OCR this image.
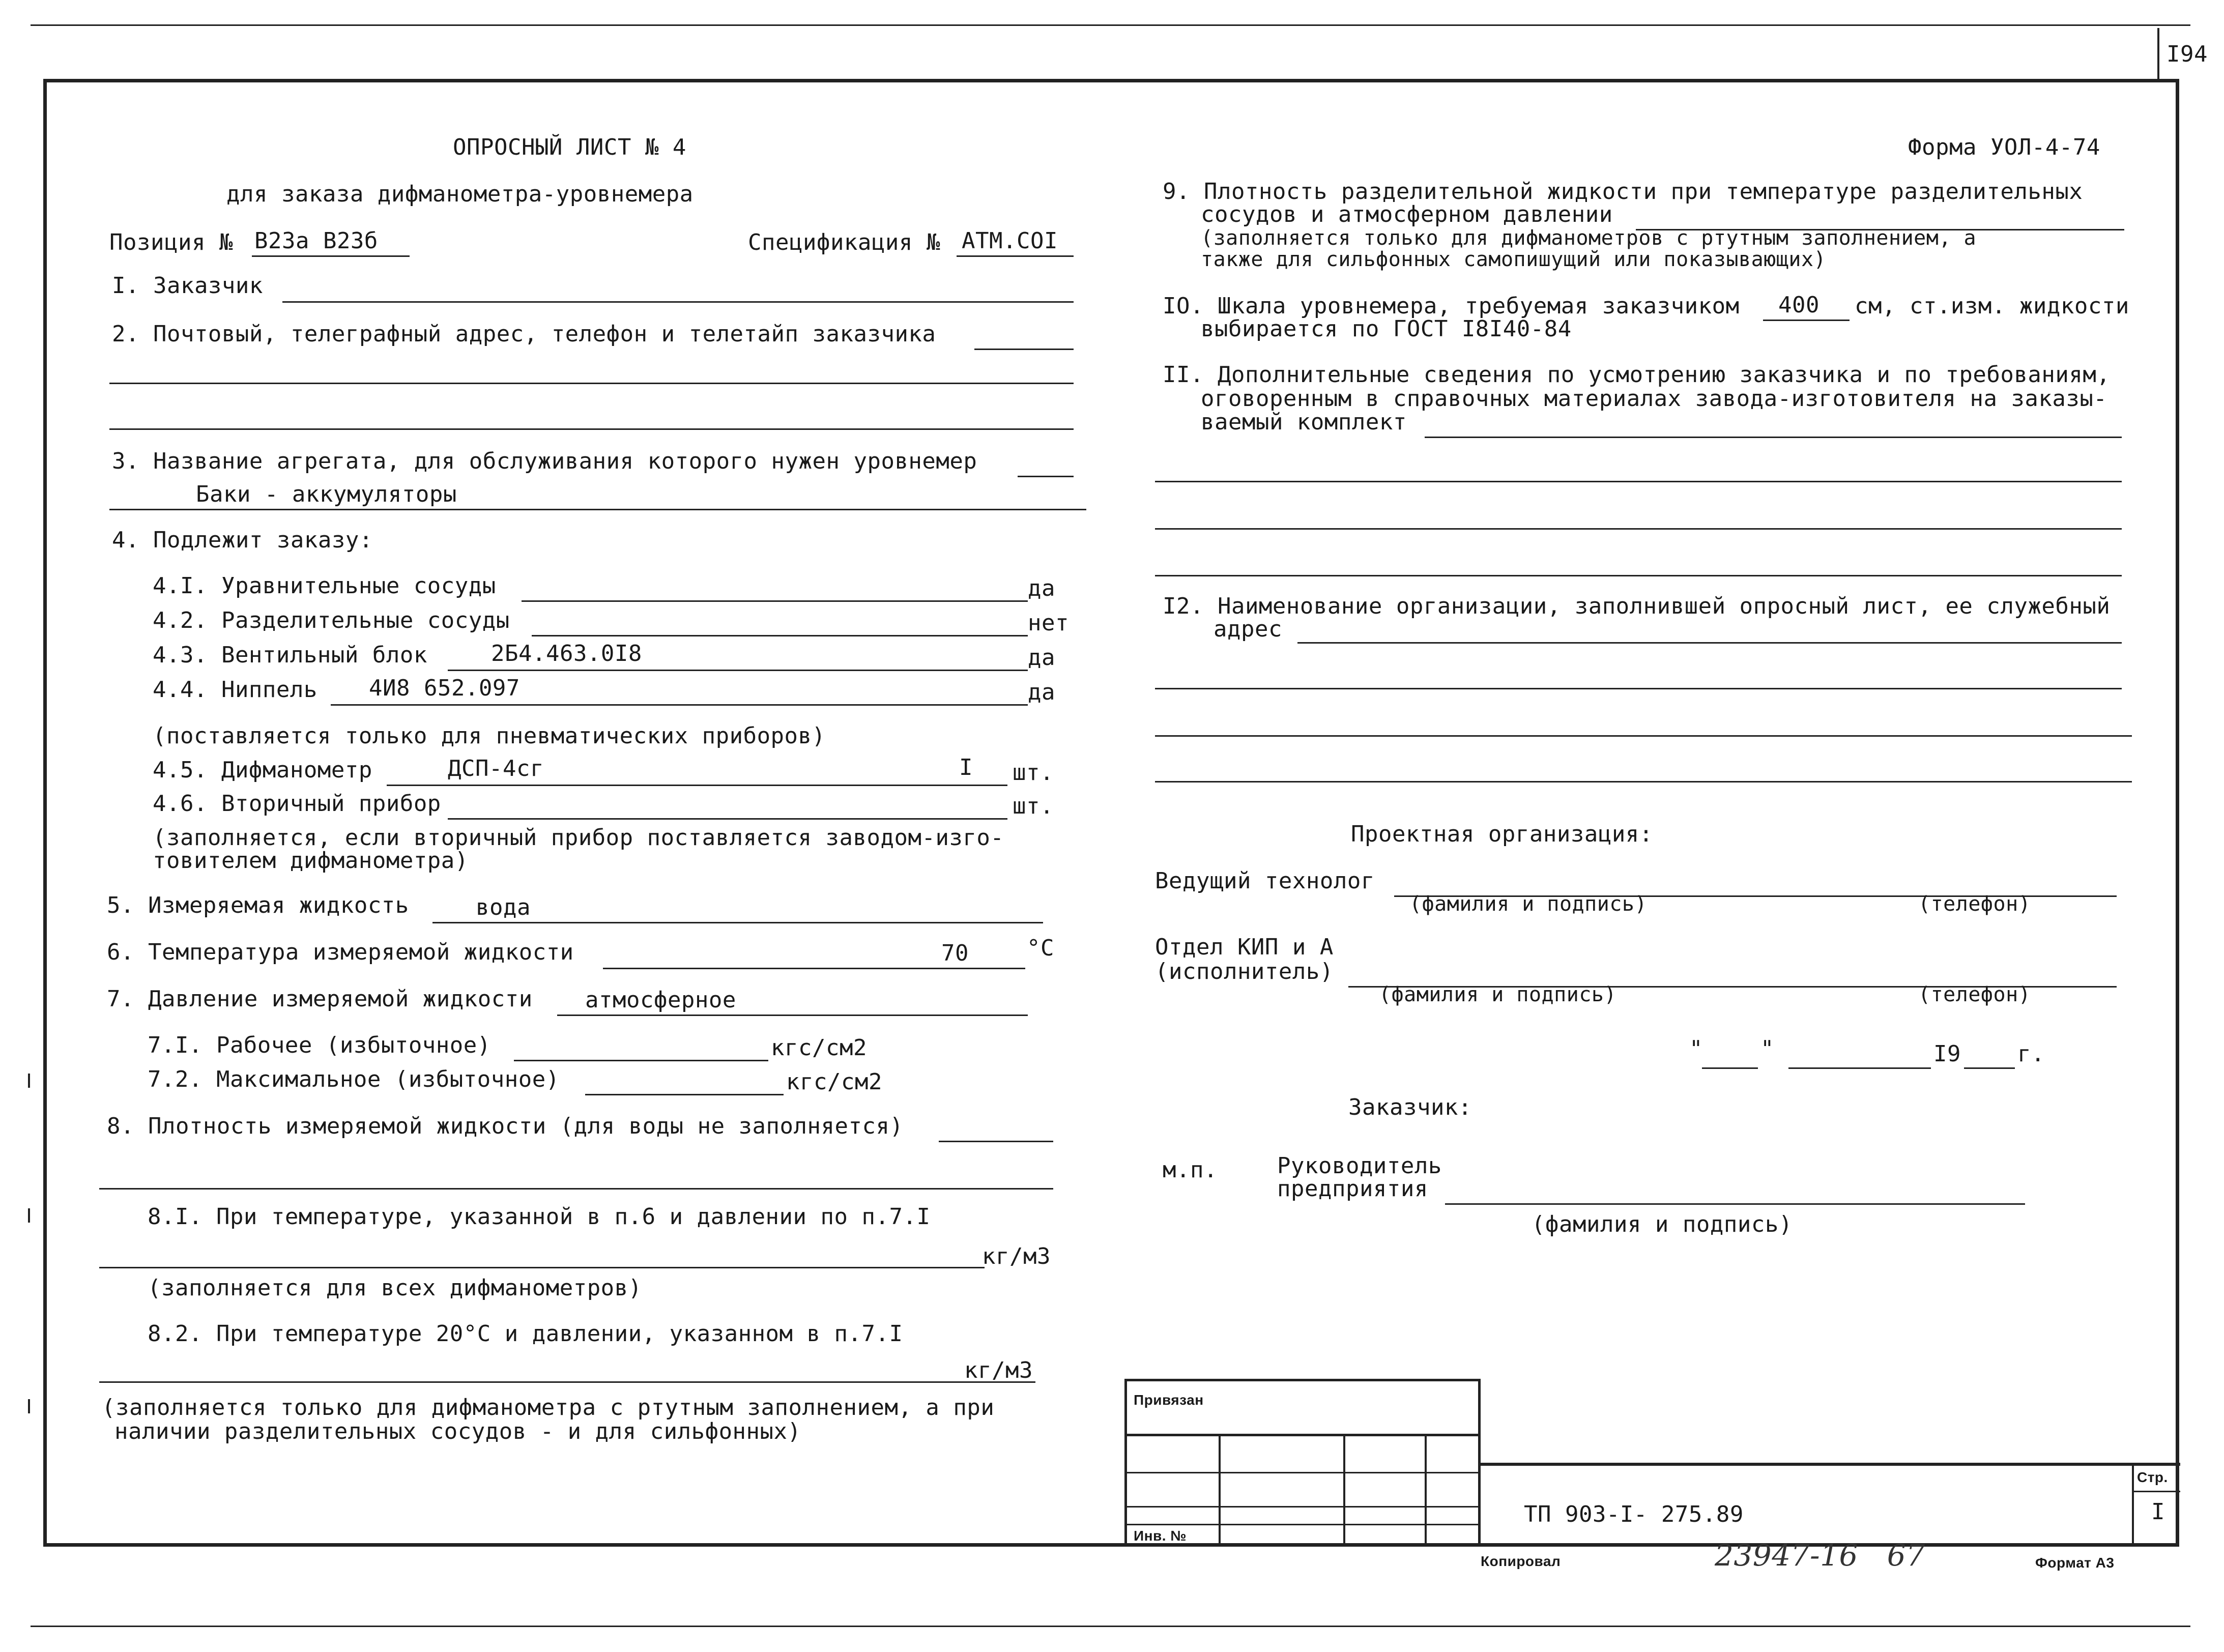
I94
ОПРОСНЫЙ ЛИСТ № 4
для заказа дифманометра-уровнемера
Форма УОЛ-4-74
Позиция № В23а В23б	Спецификация № АТМ.СОI
I. Заказчик
2. Почтовый, телеграфный адрес, телефон и телетайп заказчика
3. Название агрегата, для обслуживания которого нужен уровнемер
Баки - аккумуляторы
4. Подлежит заказу:
4.I. Уравнительные сосуды	да
4.2. Разделительные сосуды	нет
4.3. Вентильный блок	2Б4.463.0I8	да
4.4. Ниппель 4И8 652.097	да
(поставляется только для пневматических приборов)
4.5. Дифманометр	ДСП-4сг	I шт.
4.6. Вторичный прибор	шт.
(заполняется, если вторичный прибор поставляется заводом-изго-
товителем дифманометра)
5. Измеряемая жидкость	вода
6. Температура измеряемой жидкости	70	°C
7. Давление измеряемой жидкости атмосферное
7.I. Рабочее (избыточное)	кгс/см2
7.2. Максимальное (избыточное)	кгс/см2
8. Плотность измеряемой жидкости (для воды не заполняется)
8.I. При температуре, указанной в п.6 и давлении по п.7.I
кг/м3
(заполняется для всех дифманометров)
8.2. При температуре 20°C и давлении, указанном в п.7.I
кг/м3
(заполняется только для дифманометра с ртутным заполнением, а при
наличии разделительных сосудов - и для сильфонных)
9. Плотность разделительной жидкости при температуре разделительных
сосудов и атмосферном давлении
(заполняется только для дифманометров с ртутным заполнением, а
также для сильфонных самопишущий или показывающих)
IO. Шкала уровнемера, требуемая заказчиком 400 см, ст.изм. жидкости
выбирается по ГОСТ I8I40-84
II. Дополнительные сведения по усмотрению заказчика и по требованиям,
оговоренным в справочных материалах завода-изготовителя на заказы-
ваемый комплект
I2. Наименование организации, заполнившей опросный лист, ее служебный
адрес
Проектная организация:
Ведущий технолог
(фамилия и подпись)	(телефон)
Отдел КИП и А
(исполнитель)
(фамилия и подпись)	(телефон)
"	"	I9	г.
Заказчик:
м.п.	Руководитель
предприятия
(фамилия и подпись)
Привязан
Инв. №
Стр.
I
ТП 903-I- 275.89
Копировал	23947-16   67	Формат А3
